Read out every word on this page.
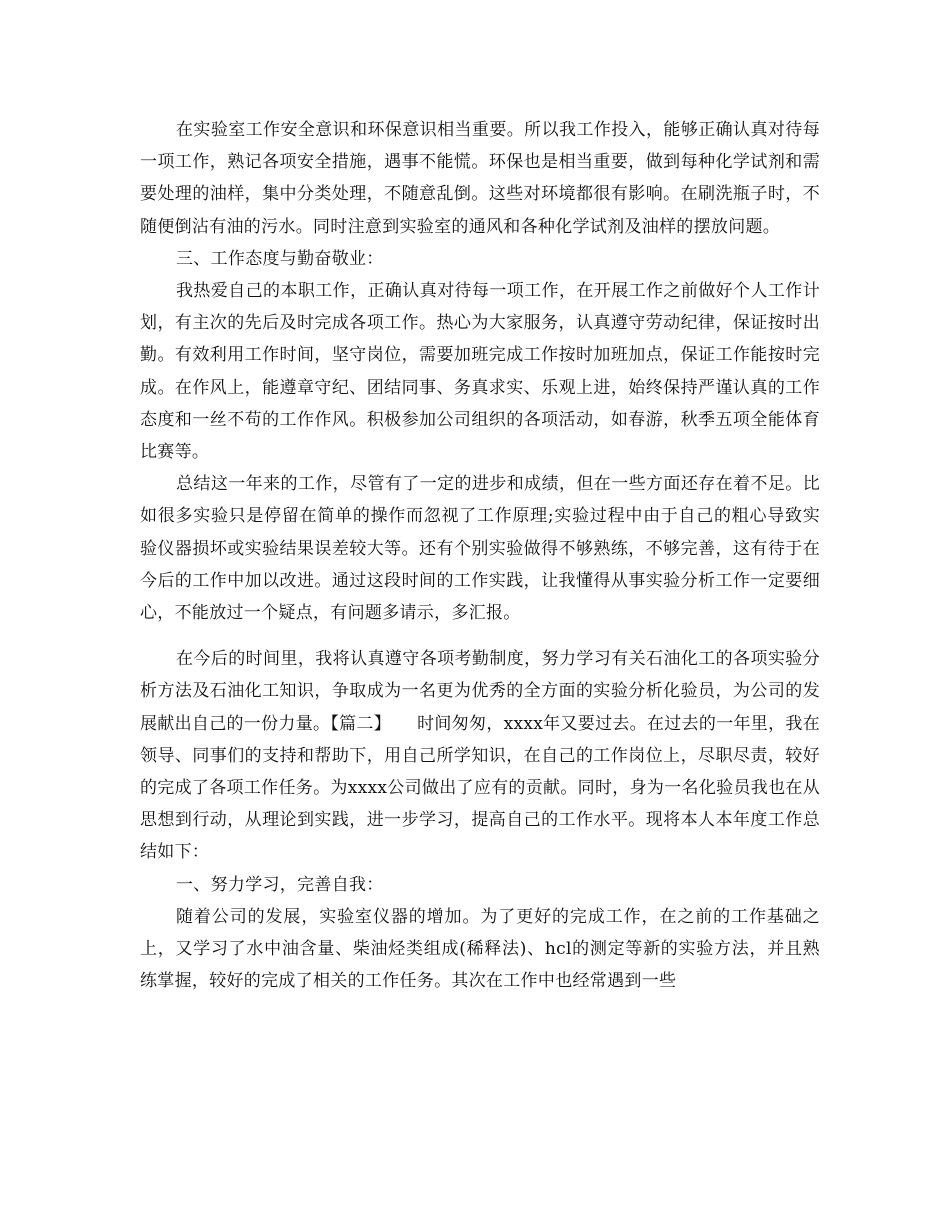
在实验室工作安全意识和环保意识相当重要。所以我工作投入，能够正确认真对待每一项工作，熟记各项安全措施，遇事不能慌。环保也是相当重要，做到每种化学试剂和需要处理的油样，集中分类处理，不随意乱倒。这些对环境都很有影响。在刷洗瓶子时，不随便倒沾有油的污水。同时注意到实验室的通风和各种化学试剂及油样的摆放问题。

三、工作态度与勤奋敬业：

我热爱自己的本职工作，正确认真对待每一项工作，在开展工作之前做好个人工作计划，有主次的先后及时完成各项工作。热心为大家服务，认真遵守劳动纪律，保证按时出勤。有效利用工作时间，坚守岗位，需要加班完成工作按时加班加点，保证工作能按时完成。在作风上，能遵章守纪、团结同事、务真求实、乐观上进，始终保持严谨认真的工作态度和一丝不苟的工作作风。积极参加公司组织的各项活动，如春游，秋季五项全能体育比赛等。

总结这一年来的工作，尽管有了一定的进步和成绩，但在一些方面还存在着不足。比如很多实验只是停留在简单的操作而忽视了工作原理;实验过程中由于自己的粗心导致实验仪器损坏或实验结果误差较大等。还有个别实验做得不够熟练，不够完善，这有待于在今后的工作中加以改进。通过这段时间的工作实践，让我懂得从事实验分析工作一定要细心，不能放过一个疑点，有问题多请示，多汇报。

在今后的时间里，我将认真遵守各项考勤制度，努力学习有关石油化工的各项实验分析方法及石油化工知识，争取成为一名更为优秀的全方面的实验分析化验员，为公司的发展献出自己的一份力量。【篇二】　　时间匆匆，xxxx年又要过去。在过去的一年里，我在领导、同事们的支持和帮助下，用自己所学知识，在自己的工作岗位上，尽职尽责，较好的完成了各项工作任务。为xxxx公司做出了应有的贡献。同时，身为一名化验员我也在从思想到行动，从理论到实践，进一步学习，提高自己的工作水平。现将本人本年度工作总结如下：

一、努力学习，完善自我：

随着公司的发展，实验室仪器的增加。为了更好的完成工作，在之前的工作基础之上，又学习了水中油含量、柴油烃类组成(稀释法)、hcl的测定等新的实验方法，并且熟练掌握，较好的完成了相关的工作任务。其次在工作中也经常遇到一些
